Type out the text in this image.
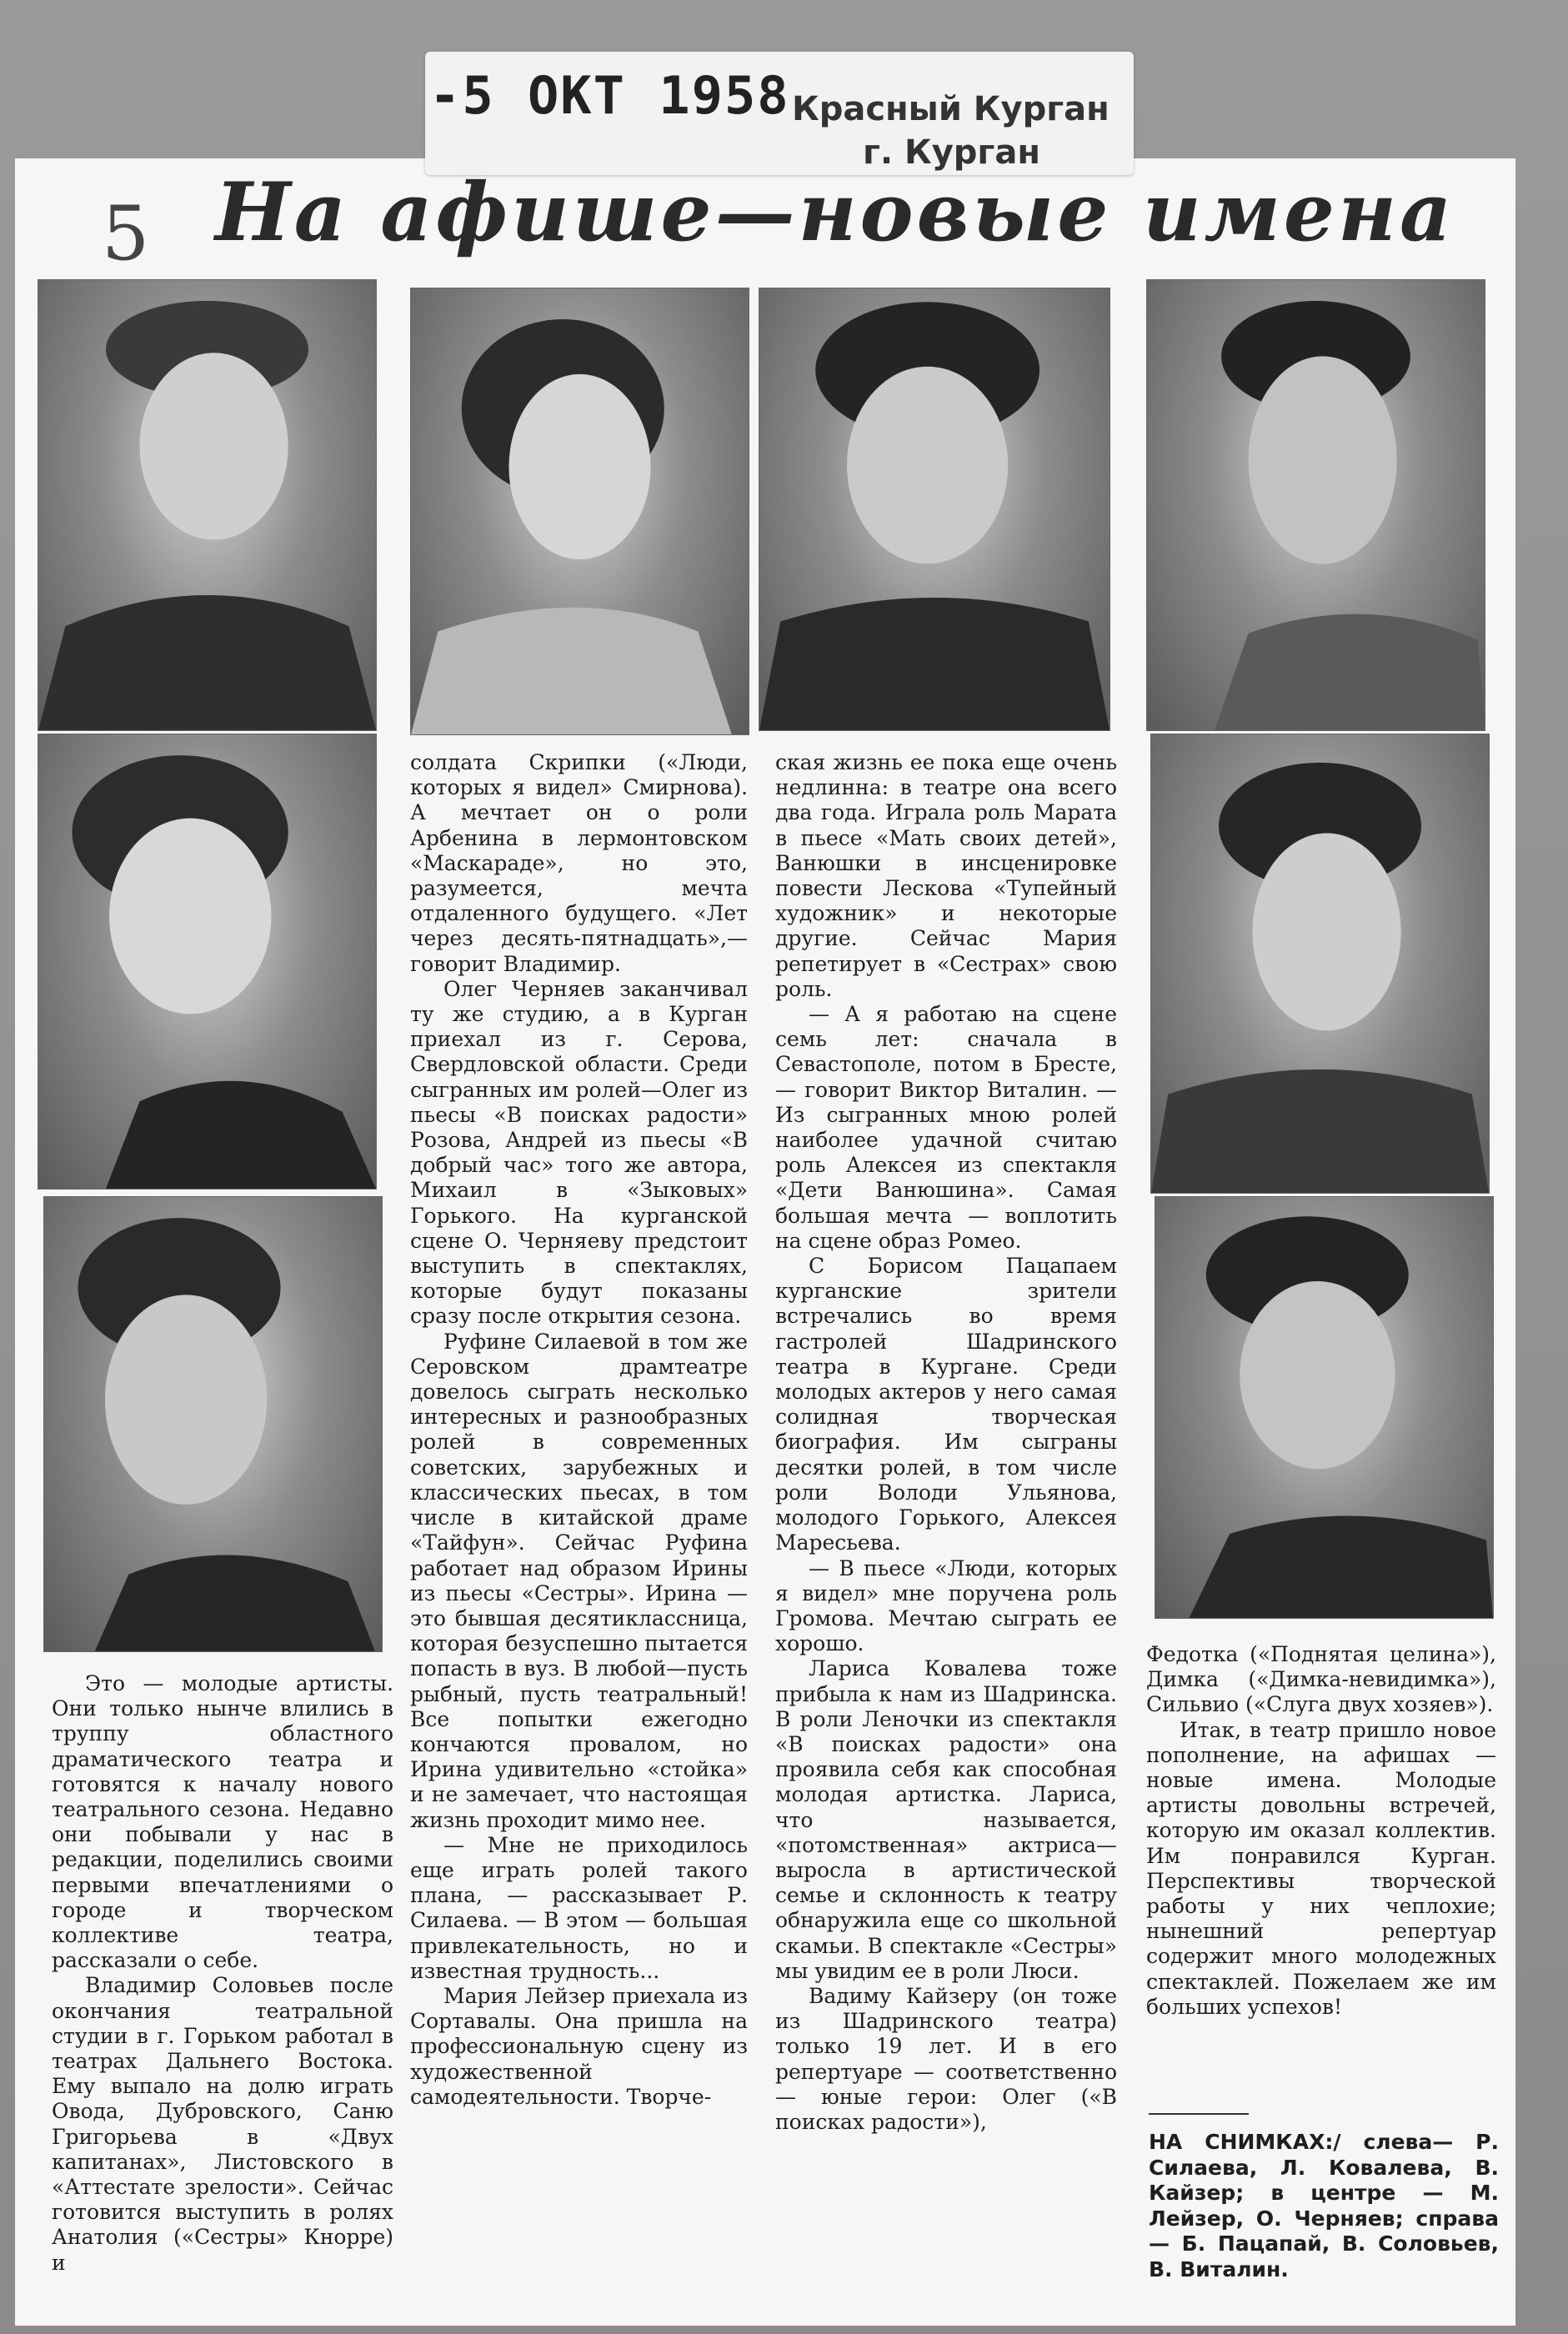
-5 ОКТ 1958 Красный Курган
г. Курган
5 На афише—новые имена

Это — молодые артисты. Они только нынче влились в труппу областного драматического театра и готовятся к началу нового театрального сезона. Недавно они побывали у нас в редакции, поделились своими первыми впечатлениями о городе и творческом коллективе театра, рассказали о себе.

Владимир Соловьев после окончания театральной студии в г. Горьком работал в театрах Дальнего Востока. Ему выпало на долю играть Овода, Дубровского, Саню Григорьева в «Двух капитанах», Листовского в «Аттестате зрелости». Сейчас готовится выступить в ролях Анатолия («Сестры» Кнорре) и

солдата Скрипки («Люди, которых я видел» Смирнова). А мечтает он о роли Арбенина в лермонтовском «Маскараде», но это, разумеется, мечта отдаленного будущего. «Лет через десять-пятнадцать»,—говорит Владимир.

Олег Черняев заканчивал ту же студию, а в Курган приехал из г. Серова, Свердловской области. Среди сыгранных им ролей—Олег из пьесы «В поисках радости» Розова, Андрей из пьесы «В добрый час» того же автора, Михаил в «Зыковых» Горького. На курганской сцене О. Черняеву предстоит выступить в спектаклях, которые будут показаны сразу после открытия сезона.

Руфине Силаевой в том же Серовском драмтеатре довелось сыграть несколько интересных и разнообразных ролей в современных советских, зарубежных и классических пьесах, в том числе в китайской драме «Тайфун». Сейчас Руфина работает над образом Ирины из пьесы «Сестры». Ирина — это бывшая десятиклассница, которая безуспешно пытается попасть в вуз. В любой—пусть рыбный, пусть театральный! Все попытки ежегодно кончаются провалом, но Ирина удивительно «стойка» и не замечает, что настоящая жизнь проходит мимо нее.

— Мне не приходилось еще играть ролей такого плана, — рассказывает Р. Силаева. — В этом — большая привлекательность, но и известная трудность...

Мария Лейзер приехала из Сортавалы. Она пришла на профессиональную сцену из художественной самодеятельности. Творче-

ская жизнь ее пока еще очень недлинна: в театре она всего два года. Играла роль Марата в пьесе «Мать своих детей», Ванюшки в инсценировке повести Лескова «Тупейный художник» и некоторые другие. Сейчас Мария репетирует в «Сестрах» свою роль.

— А я работаю на сцене семь лет: сначала в Севастополе, потом в Бресте, — говорит Виктор Виталин. — Из сыгранных мною ролей наиболее удачной считаю роль Алексея из спектакля «Дети Ванюшина». Самая большая мечта — воплотить на сцене образ Ромео.

С Борисом Пацапаем курганские зрители встречались во время гастролей Шадринского театра в Кургане. Среди молодых актеров у него самая солидная творческая биография. Им сыграны десятки ролей, в том числе роли Володи Ульянова, молодого Горького, Алексея Маресьева.

— В пьесе «Люди, которых я видел» мне поручена роль Громова. Мечтаю сыграть ее хорошо.

Лариса Ковалева тоже прибыла к нам из Шадринска. В роли Леночки из спектакля «В поисках радости» она проявила себя как способная молодая артистка. Лариса, что называется, «потомственная» актриса—выросла в артистической семье и склонность к театру обнаружила еще со школьной скамьи. В спектакле «Сестры» мы увидим ее в роли Люси.

Вадиму Кайзеру (он тоже из Шадринского театра) только 19 лет. И в его репертуаре — соответственно — юные герои: Олег («В поисках радости»),

Федотка («Поднятая целина»), Димка («Димка-невидимка»), Сильвио («Слуга двух хозяев»).

Итак, в театр пришло новое пополнение, на афишах — новые имена. Молодые артисты довольны встречей, которую им оказал коллектив. Им понравился Курган. Перспективы творческой работы у них чеплохие; нынешний репертуар содержит много молодежных спектаклей. Пожелаем же им больших успехов!

НА СНИМКАХ:/ слева— Р. Силаева, Л. Ковалева, В. Кайзер; в центре — М. Лейзер, О. Черняев; справа — Б. Пацапай, В. Соловьев, В. Виталин.
